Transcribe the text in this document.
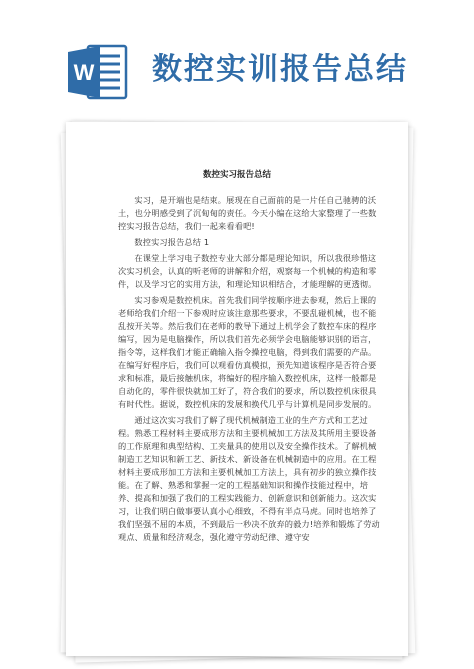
W 数控实训报告总结
数控实习报告总结

实习，是开端也是结束。展现在自己面前的是一片任自己驰骋的沃土，也分明感受到了沉甸甸的责任。今天小编在这给大家整理了一些数控实习报告总结，我们一起来看看吧!

数控实习报告总结 1

在课堂上学习电子数控专业大部分都是理论知识，所以我很珍惜这次实习机会，认真的听老师的讲解和介绍，观察每一个机械的构造和零件，以及学习它的实用方法，和理论知识相结合，才能理解的更透彻。

实习参观是数控机床。首先我们同学按顺序进去参观，然后上课的老师给我们介绍一下参观时应该注意那些要求，不要乱碰机械，也不能乱按开关等。然后我们在老师的教导下通过上机学会了数控车床的程序编写，因为是电脑操作，所以我们首先必须学会电脑能够识别的语言，指令等，这样我们才能正确输入指令操控电脑，得到我们需要的产品。在编写好程序后，我们可以观看仿真模拟，预先知道该程序是否符合要求和标准，最后接触机床，将编好的程序输入数控机床，这样一般都是自动化的，零件很快就加工好了，符合我们的要求，所以数控机床很具有时代性。据说，数控机床的发展和换代几乎与计算机是同步发展的。

通过这次实习我们了解了现代机械制造工业的生产方式和工艺过程。熟悉工程材料主要成形方法和主要机械加工方法及其所用主要设备的工作原理和典型结构、工夹量具的使用以及安全操作技术。了解机械制造工艺知识和新工艺、新技术、新设备在机械制造中的应用。在工程材料主要成形加工方法和主要机械加工方法上，具有初步的独立操作技能。在了解、熟悉和掌握一定的工程基础知识和操作技能过程中，培养、提高和加强了我们的工程实践能力、创新意识和创新能力。这次实习，让我们明白做事要认真小心细致，不得有半点马虎。同时也培养了我们坚强不屈的本质，不到最后一秒决不放弃的毅力!培养和锻炼了劳动观点、质量和经济观念，强化遵守劳动纪律、遵守安
